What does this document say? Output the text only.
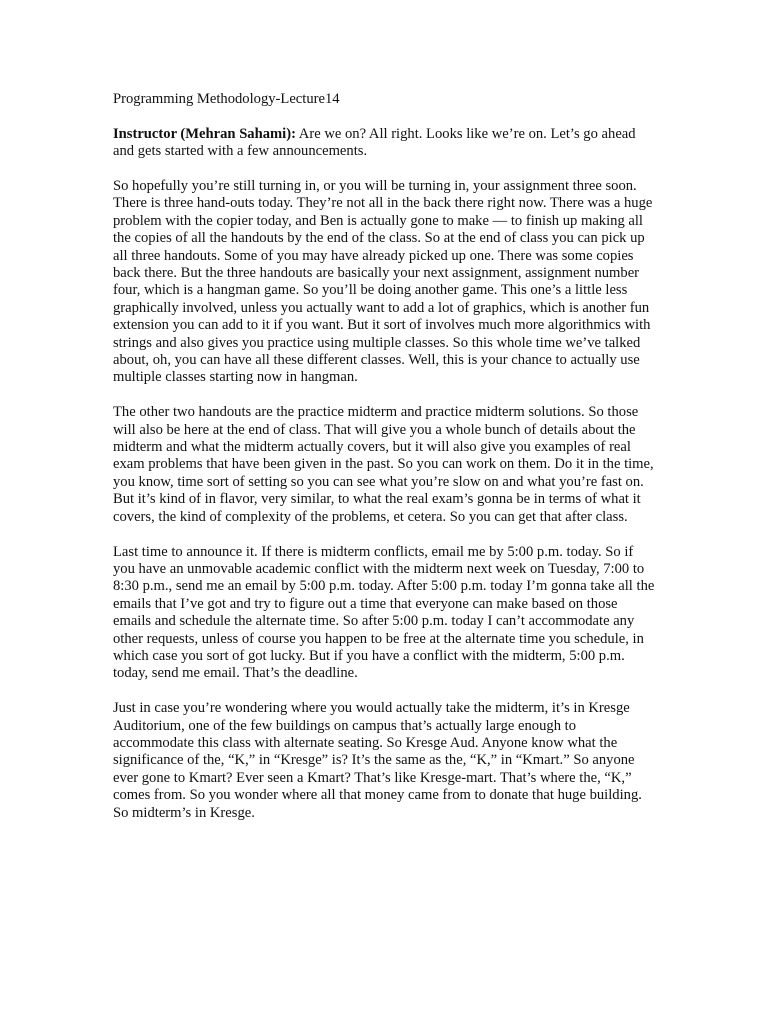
Programming Methodology-Lecture14

Instructor (Mehran Sahami): Are we on? All right. Looks like we’re on. Let’s go ahead and gets started with a few announcements.

So hopefully you’re still turning in, or you will be turning in, your assignment three soon. There is three hand-outs today. They’re not all in the back there right now. There was a huge problem with the copier today, and Ben is actually gone to make — to finish up making all the copies of all the handouts by the end of the class. So at the end of class you can pick up all three handouts. Some of you may have already picked up one. There was some copies back there. But the three handouts are basically your next assignment, assignment number four, which is a hangman game. So you’ll be doing another game. This one’s a little less graphically involved, unless you actually want to add a lot of graphics, which is another fun extension you can add to it if you want. But it sort of involves much more algorithmics with strings and also gives you practice using multiple classes. So this whole time we’ve talked about, oh, you can have all these different classes. Well, this is your chance to actually use multiple classes starting now in hangman.

The other two handouts are the practice midterm and practice midterm solutions. So those will also be here at the end of class. That will give you a whole bunch of details about the midterm and what the midterm actually covers, but it will also give you examples of real exam problems that have been given in the past. So you can work on them. Do it in the time, you know, time sort of setting so you can see what you’re slow on and what you’re fast on. But it’s kind of in flavor, very similar, to what the real exam’s gonna be in terms of what it covers, the kind of complexity of the problems, et cetera. So you can get that after class.

Last time to announce it. If there is midterm conflicts, email me by 5:00 p.m. today. So if you have an unmovable academic conflict with the midterm next week on Tuesday, 7:00 to 8:30 p.m., send me an email by 5:00 p.m. today. After 5:00 p.m. today I’m gonna take all the emails that I’ve got and try to figure out a time that everyone can make based on those emails and schedule the alternate time. So after 5:00 p.m. today I can’t accommodate any other requests, unless of course you happen to be free at the alternate time you schedule, in which case you sort of got lucky. But if you have a conflict with the midterm, 5:00 p.m. today, send me email. That’s the deadline.

Just in case you’re wondering where you would actually take the midterm, it’s in Kresge Auditorium, one of the few buildings on campus that’s actually large enough to accommodate this class with alternate seating. So Kresge Aud. Anyone know what the significance of the, “K,” in “Kresge” is? It’s the same as the, “K,” in “Kmart.” So anyone ever gone to Kmart? Ever seen a Kmart? That’s like Kresge-mart. That’s where the, “K,” comes from. So you wonder where all that money came from to donate that huge building. So midterm’s in Kresge.
